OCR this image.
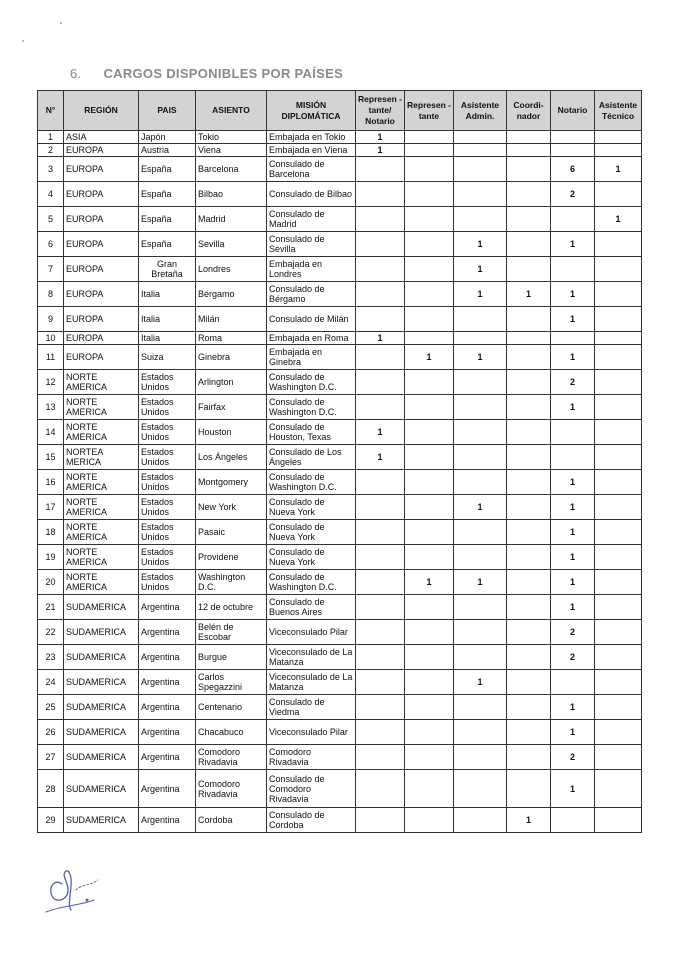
6. CARGOS DISPONIBLES POR PAÍSES
N°	REGIÓN	PAIS	ASIENTO	MISIÓN DIPLOMÁTICA	Represen -tante/ Notario	Represen -tante	Asistente Admin.	Coordi- nador	Notario	Asistente Técnico
1	ASIA	Japón	Tokio	Embajada en Tokio	1					
2	EUROPA	Austria	Viena	Embajada en Viena	1					
3	EUROPA	España	Barcelona	Consulado de Barcelona					6	1
4	EUROPA	España	Bilbao	Consulado de Bilbao					2	
5	EUROPA	España	Madrid	Consulado de Madrid						1
6	EUROPA	España	Sevilla	Consulado de Sevilla			1		1	
7	EUROPA	Gran Bretaña	Londres	Embajada en Londres			1			
8	EUROPA	Italia	Bérgamo	Consulado de Bérgamo			1	1	1	
9	EUROPA	Italia	Milán	Consulado de Milán					1	
10	EUROPA	Italia	Roma	Embajada en Roma	1					
11	EUROPA	Suiza	Ginebra	Embajada en Ginebra		1	1		1	
12	NORTE AMERICA	Estados Unidos	Arlington	Consulado de Washington D.C.					2	
13	NORTE AMERICA	Estados Unidos	Fairfax	Consulado de Washington D.C.					1	
14	NORTE AMERICA	Estados Unidos	Houston	Consulado de Houston, Texas	1					
15	NORTEA MERICA	Estados Unidos	Los Ángeles	Consulado de Los Ángeles	1					
16	NORTE AMERICA	Estados Unidos	Montgomery	Consulado de Washington D.C.					1	
17	NORTE AMERICA	Estados Unidos	New York	Consulado de Nueva York			1		1	
18	NORTE AMERICA	Estados Unidos	Pasaic	Consulado de Nueva York					1	
19	NORTE AMERICA	Estados Unidos	Providene	Consulado de Nueva York					1	
20	NORTE AMERICA	Estados Unidos	Washington D.C.	Consulado de Washington D.C.		1	1		1	
21	SUDAMERICA	Argentina	12 de octubre	Consulado de Buenos Aires					1	
22	SUDAMERICA	Argentina	Belén de Escobar	Viceconsulado Pilar					2	
23	SUDAMERICA	Argentina	Burgue	Viceconsulado de La Matanza					2	
24	SUDAMERICA	Argentina	Carlos Spegazzini	Viceconsulado de La Matanza			1			
25	SUDAMERICA	Argentina	Centenario	Consulado de Viedma					1	
26	SUDAMERICA	Argentina	Chacabuco	Viceconsulado Pilar					1	
27	SUDAMERICA	Argentina	Comodoro Rivadavia	Comodoro Rivadavia					2	
28	SUDAMERICA	Argentina	Comodoro Rivadavia	Consulado de Comodoro Rivadavia					1	
29	SUDAMERICA	Argentina	Cordoba	Consulado de Cordoba				1		
